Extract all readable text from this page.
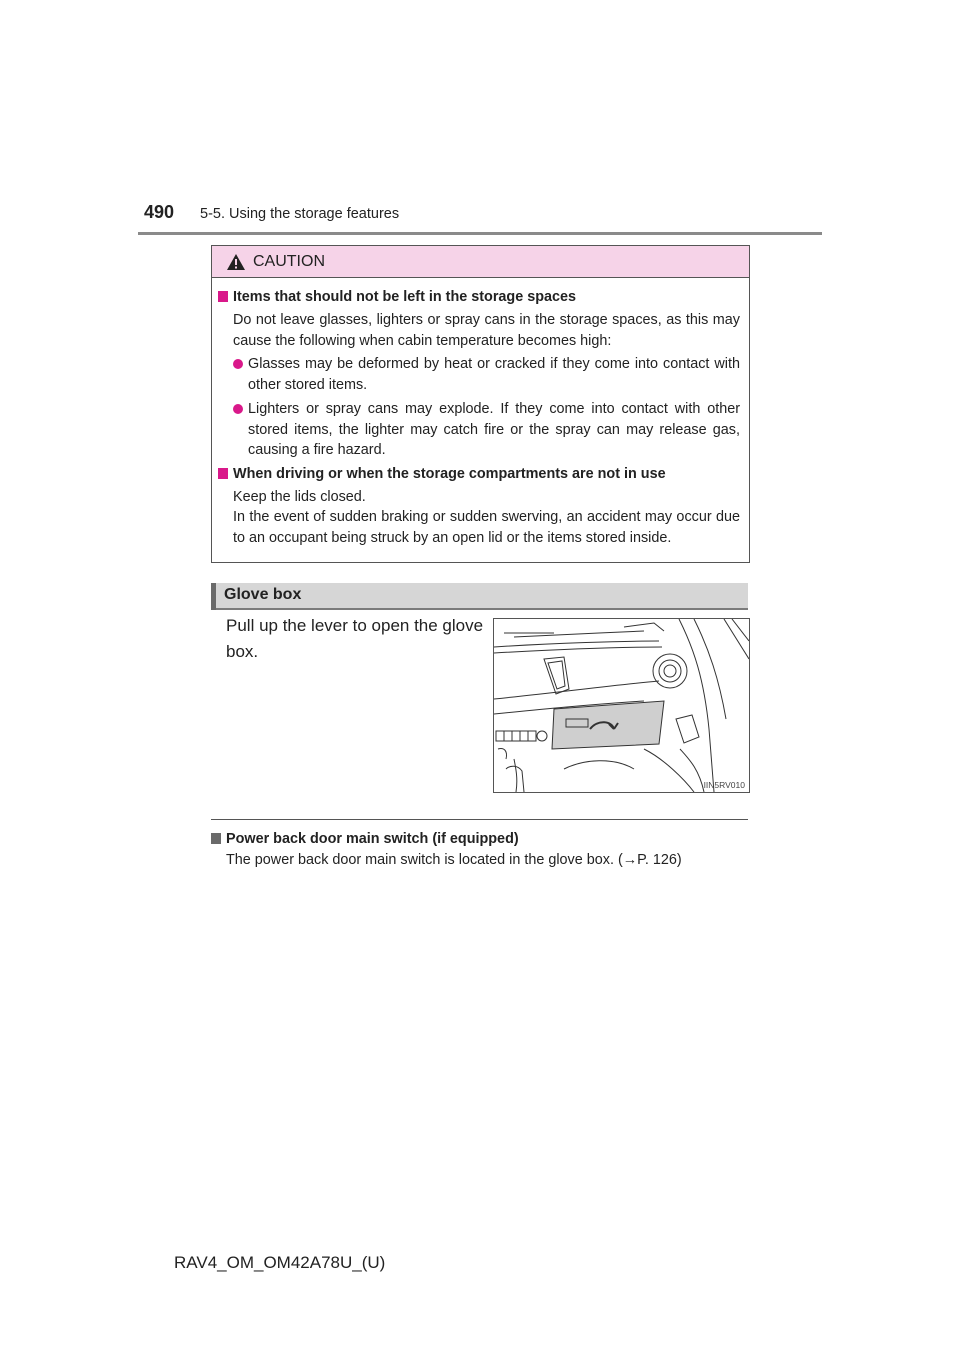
490 5-5. Using the storage features
CAUTION
Items that should not be left in the storage spaces
Do not leave glasses, lighters or spray cans in the storage spaces, as this may cause the following when cabin temperature becomes high:
Glasses may be deformed by heat or cracked if they come into contact with other stored items.
Lighters or spray cans may explode. If they come into contact with other stored items, the lighter may catch fire or the spray can may release gas, causing a fire hazard.
When driving or when the storage compartments are not in use
Keep the lids closed.
In the event of sudden braking or sudden swerving, an accident may occur due to an occupant being struck by an open lid or the items stored inside.
Glove box
Pull up the lever to open the glove box.
IIN5RV010
Power back door main switch (if equipped)
The power back door main switch is located in the glove box. (→P. 126)
RAV4_OM_OM42A78U_(U)
